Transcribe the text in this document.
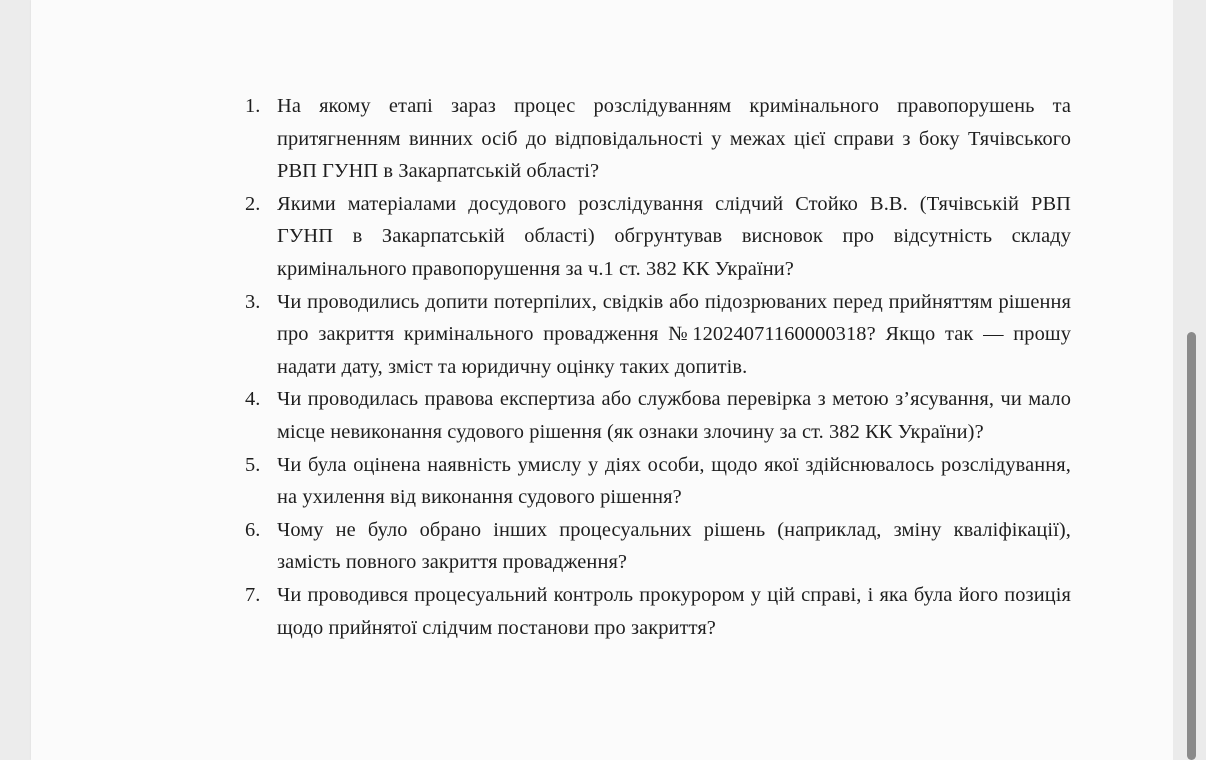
1. На якому етапі зараз процес розслідуванням кримінального правопорушень та притягненням винних осіб до відповідальності у межах цієї справи з боку Тячівського РВП ГУНП в Закарпатській області?
2. Якими матеріалами досудового розслідування слідчий Стойко В.В. (Тячівській РВП ГУНП в Закарпатській області) обгрунтував висновок про відсутність складу кримінального правопорушення за ч.1 ст. 382 КК України?
3. Чи проводились допити потерпілих, свідків або підозрюваних перед прийняттям рішення про закриття кримінального провадження №12024071160000318? Якщо так — прошу надати дату, зміст та юридичну оцінку таких допитів.
4. Чи проводилась правова експертиза або службова перевірка з метою з’ясування, чи мало місце невиконання судового рішення (як ознаки злочину за ст. 382 КК України)?
5. Чи була оцінена наявність умислу у діях особи, щодо якої здійснювалось розслідування, на ухилення від виконання судового рішення?
6. Чому не було обрано інших процесуальних рішень (наприклад, зміну кваліфікації), замість повного закриття провадження?
7. Чи проводився процесуальний контроль прокурором у цій справі, і яка була його позиція щодо прийнятої слідчим постанови про закриття?
